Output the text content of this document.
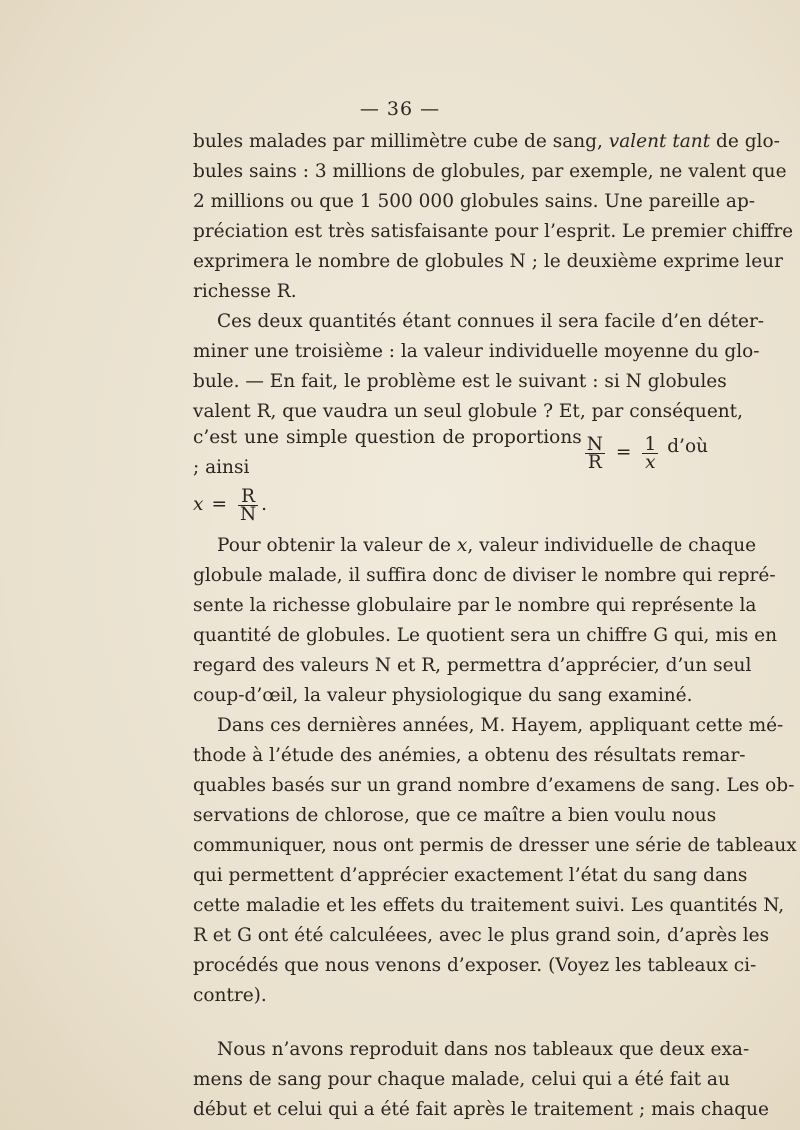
— 36 —

bules malades par millimètre cube de sang, valent tant de glo-
bules sains : 3 millions de globules, par exemple, ne valent que
2 millions ou que 1 500 000 globules sains. Une pareille ap-
préciation est très satisfaisante pour l’esprit. Le premier chiffre
exprimera le nombre de globules N ; le deuxième exprime leur
richesse R.

Ces deux quantités étant connues il sera facile d’en déter-
miner une troisième : la valeur individuelle moyenne du glo-
bule. — En fait, le problème est le suivant : si N globules
valent R, que vaudra un seul globule ? Et, par conséquent,

c’est une simple question de proportions ; ainsi	$\frac{N}{R} = \frac{1}{x}$ d’où
$x = \frac{R}{N}$ .

Pour obtenir la valeur de x, valeur individuelle de chaque
globule malade, il suffira donc de diviser le nombre qui repré-
sente la richesse globulaire par le nombre qui représente la
quantité de globules. Le quotient sera un chiffre G qui, mis en
regard des valeurs N et R, permettra d’apprécier, d’un seul
coup-d’œil, la valeur physiologique du sang examiné.

Dans ces dernières années, M. Hayem, appliquant cette mé-
thode à l’étude des anémies, a obtenu des résultats remar-
quables basés sur un grand nombre d’examens de sang. Les ob-
servations de chlorose, que ce maître a bien voulu nous
communiquer, nous ont permis de dresser une série de tableaux
qui permettent d’apprécier exactement l’état du sang dans
cette maladie et les effets du traitement suivi. Les quantités N,
R et G ont été calculéees, avec le plus grand soin, d’après les
procédés que nous venons d’exposer. (Voyez les tableaux ci-
contre).

Nous n’avons reproduit dans nos tableaux que deux exa-
mens de sang pour chaque malade, celui qui a été fait au
début et celui qui a été fait après le traitement ; mais chaque
